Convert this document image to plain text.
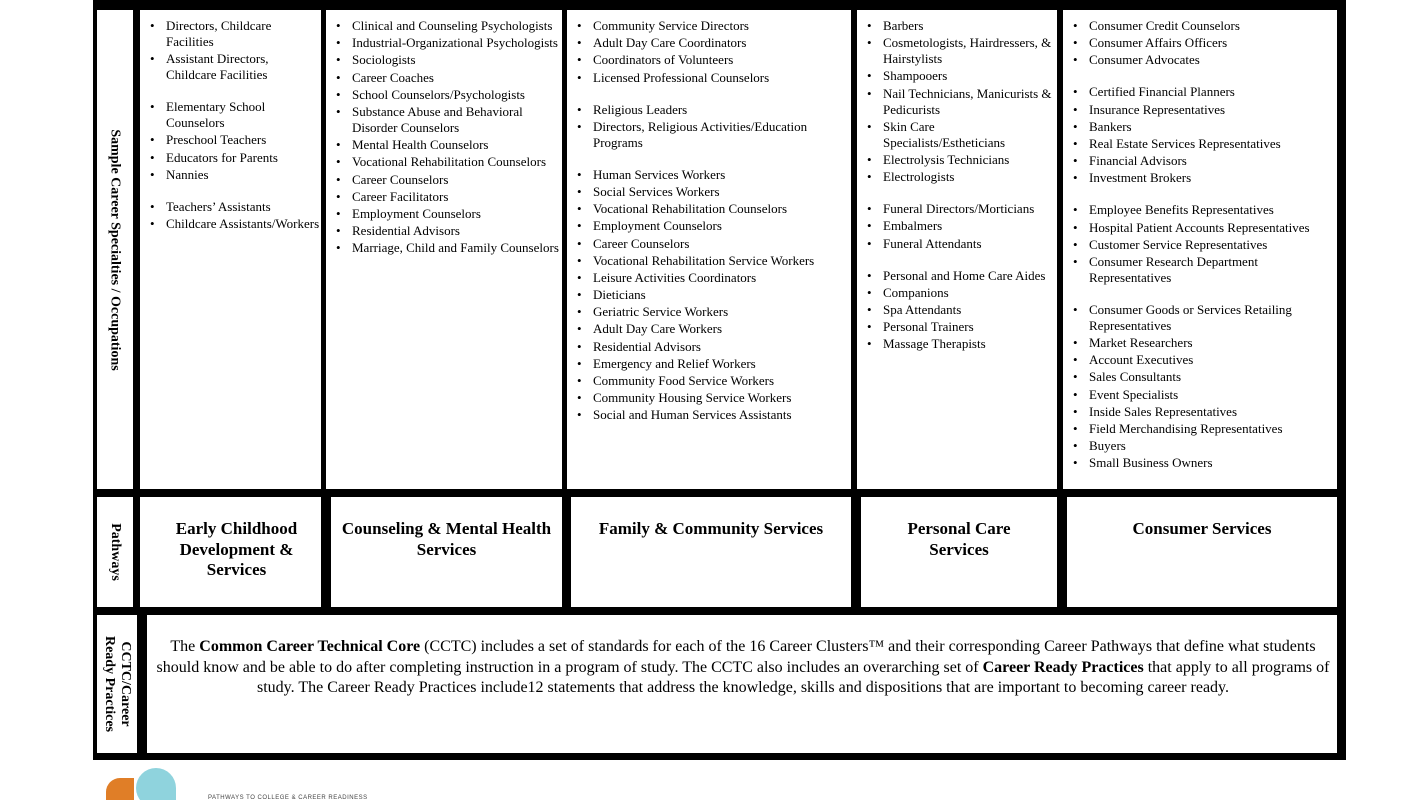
Sample Career Specialties / Occupations
• Directors, Childcare Facilities
• Assistant Directors, Childcare Facilities
• Elementary School Counselors
• Preschool Teachers
• Educators for Parents
• Nannies
• Teachers’ Assistants
• Childcare Assistants/Workers
• Clinical and Counseling Psychologists
• Industrial-Organizational Psychologists
• Sociologists
• Career Coaches
• School Counselors/Psychologists
• Substance Abuse and Behavioral Disorder Counselors
• Mental Health Counselors
• Vocational Rehabilitation Counselors
• Career Counselors
• Career Facilitators
• Employment Counselors
• Residential Advisors
• Marriage, Child and Family Counselors
• Community Service Directors
• Adult Day Care Coordinators
• Coordinators of Volunteers
• Licensed Professional Counselors
• Religious Leaders
• Directors, Religious Activities/Education Programs
• Human Services Workers
• Social Services Workers
• Vocational Rehabilitation Counselors
• Employment Counselors
• Career Counselors
• Vocational Rehabilitation Service Workers
• Leisure Activities Coordinators
• Dieticians
• Geriatric Service Workers
• Adult Day Care Workers
• Residential Advisors
• Emergency and Relief Workers
• Community Food Service Workers
• Community Housing Service Workers
• Social and Human Services Assistants
• Barbers
• Cosmetologists, Hairdressers, & Hairstylists
• Shampooers
• Nail Technicians, Manicurists & Pedicurists
• Skin Care Specialists/Estheticians
• Electrolysis Technicians
• Electrologists
• Funeral Directors/Morticians
• Embalmers
• Funeral Attendants
• Personal and Home Care Aides
• Companions
• Spa Attendants
• Personal Trainers
• Massage Therapists
• Consumer Credit Counselors
• Consumer Affairs Officers
• Consumer Advocates
• Certified Financial Planners
• Insurance Representatives
• Bankers
• Real Estate Services Representatives
• Financial Advisors
• Investment Brokers
• Employee Benefits Representatives
• Hospital Patient Accounts Representatives
• Customer Service Representatives
• Consumer Research Department Representatives
• Consumer Goods or Services Retailing Representatives
• Market Researchers
• Account Executives
• Sales Consultants
• Event Specialists
• Inside Sales Representatives
• Field Merchandising Representatives
• Buyers
• Small Business Owners
Pathways	Early Childhood Development & Services
Counseling & Mental Health Services
Family & Community Services	Personal Care Services
Consumer Services
CCTC/Career
Ready Practices

The Common Career Technical Core (CCTC) includes a set of standards for each of the 16 Career Clusters™ and their corresponding Career Pathways that define what students should know and be able to do after completing instruction in a program of study. The CCTC also includes an overarching set of Career Ready Practices that apply to all programs of study. The Career Ready Practices include12 statements that address the knowledge, skills and dispositions that are important to becoming career ready.

PATHWAYS TO COLLEGE & CAREER READINESS
